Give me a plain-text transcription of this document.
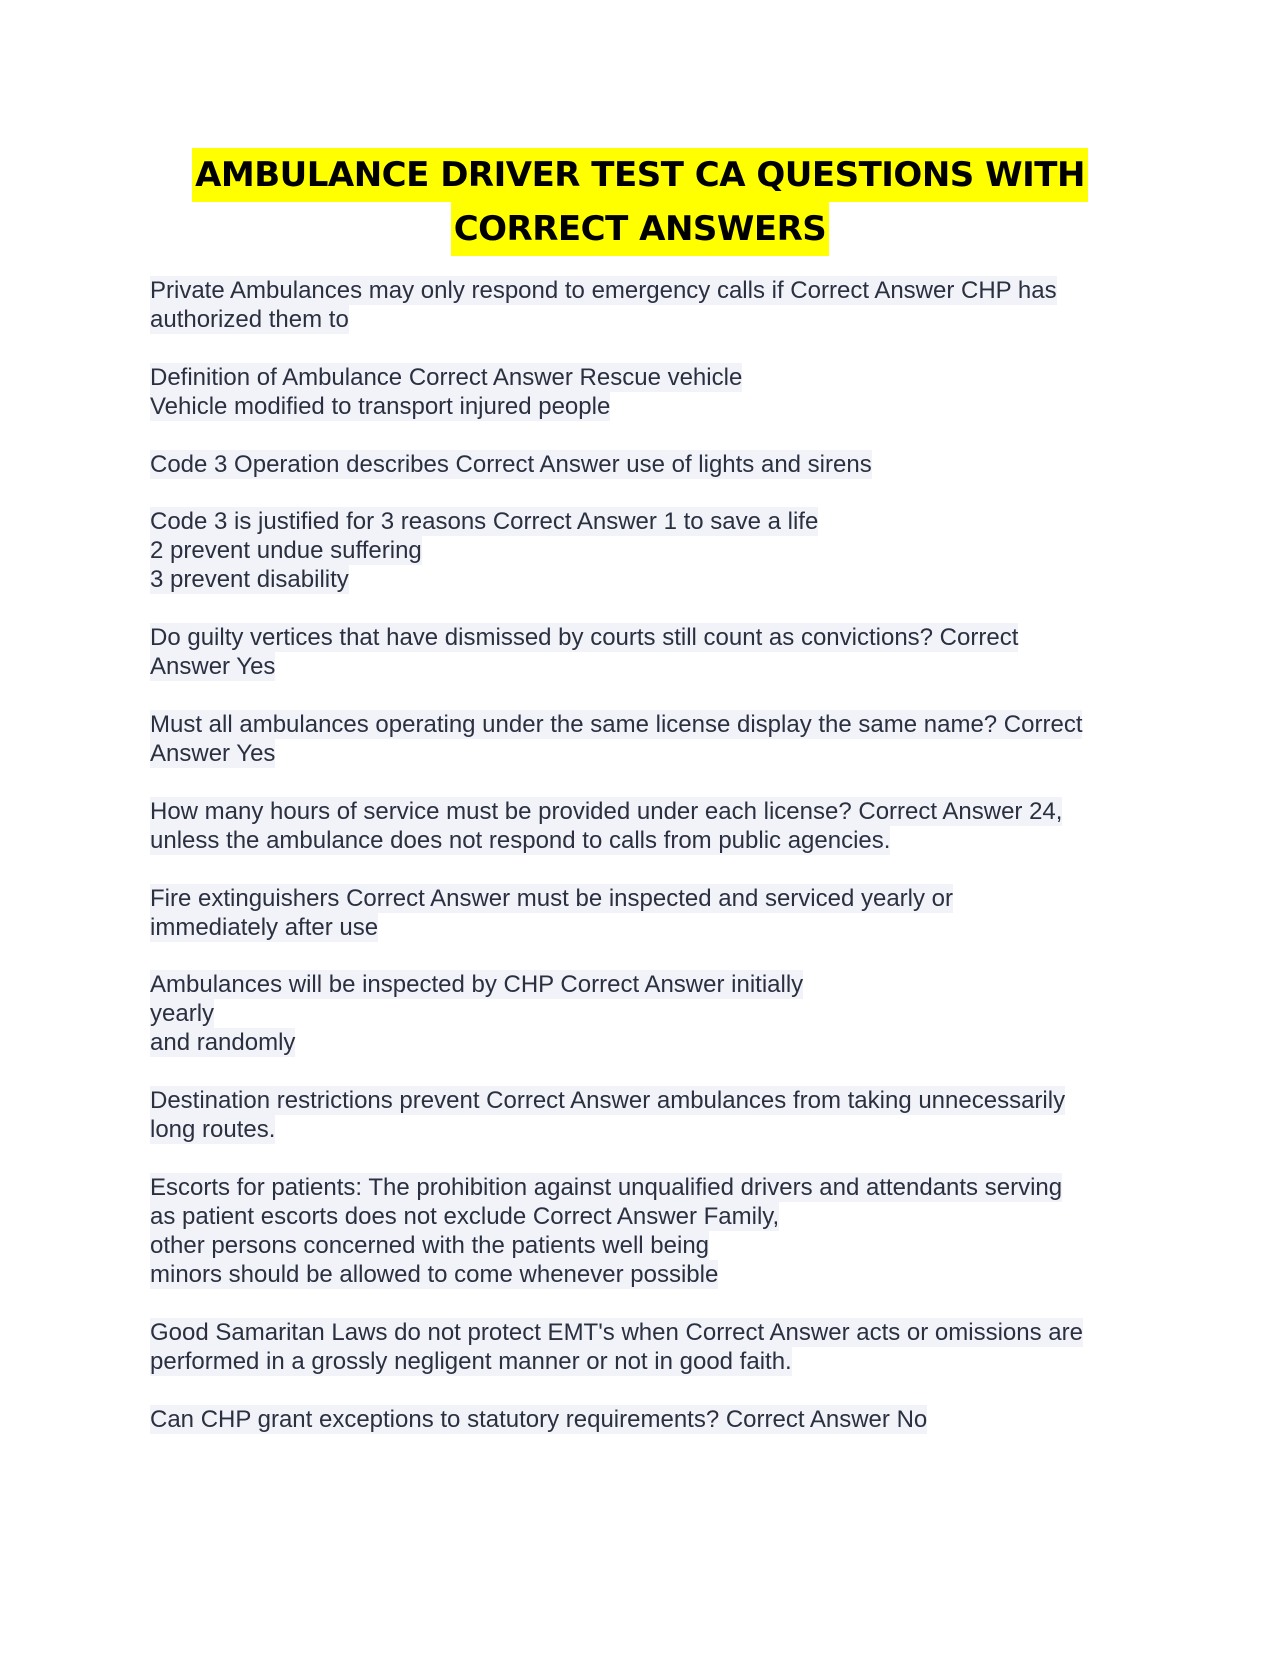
AMBULANCE DRIVER TEST CA QUESTIONS WITH
CORRECT ANSWERS
Private Ambulances may only respond to emergency calls if Correct Answer CHP has
authorized them to
Definition of Ambulance Correct Answer Rescue vehicle
Vehicle modified to transport injured people
Code 3 Operation describes Correct Answer use of lights and sirens
Code 3 is justified for 3 reasons Correct Answer 1 to save a life
2 prevent undue suffering
3 prevent disability
Do guilty vertices that have dismissed by courts still count as convictions? Correct
Answer Yes
Must all ambulances operating under the same license display the same name? Correct
Answer Yes
How many hours of service must be provided under each license? Correct Answer 24,
unless the ambulance does not respond to calls from public agencies.
Fire extinguishers Correct Answer must be inspected and serviced yearly or
immediately after use
Ambulances will be inspected by CHP Correct Answer initially
yearly
and randomly
Destination restrictions prevent Correct Answer ambulances from taking unnecessarily
long routes.
Escorts for patients: The prohibition against unqualified drivers and attendants serving
as patient escorts does not exclude Correct Answer Family,
other persons concerned with the patients well being
minors should be allowed to come whenever possible
Good Samaritan Laws do not protect EMT's when Correct Answer acts or omissions are
performed in a grossly negligent manner or not in good faith.
Can CHP grant exceptions to statutory requirements? Correct Answer No
